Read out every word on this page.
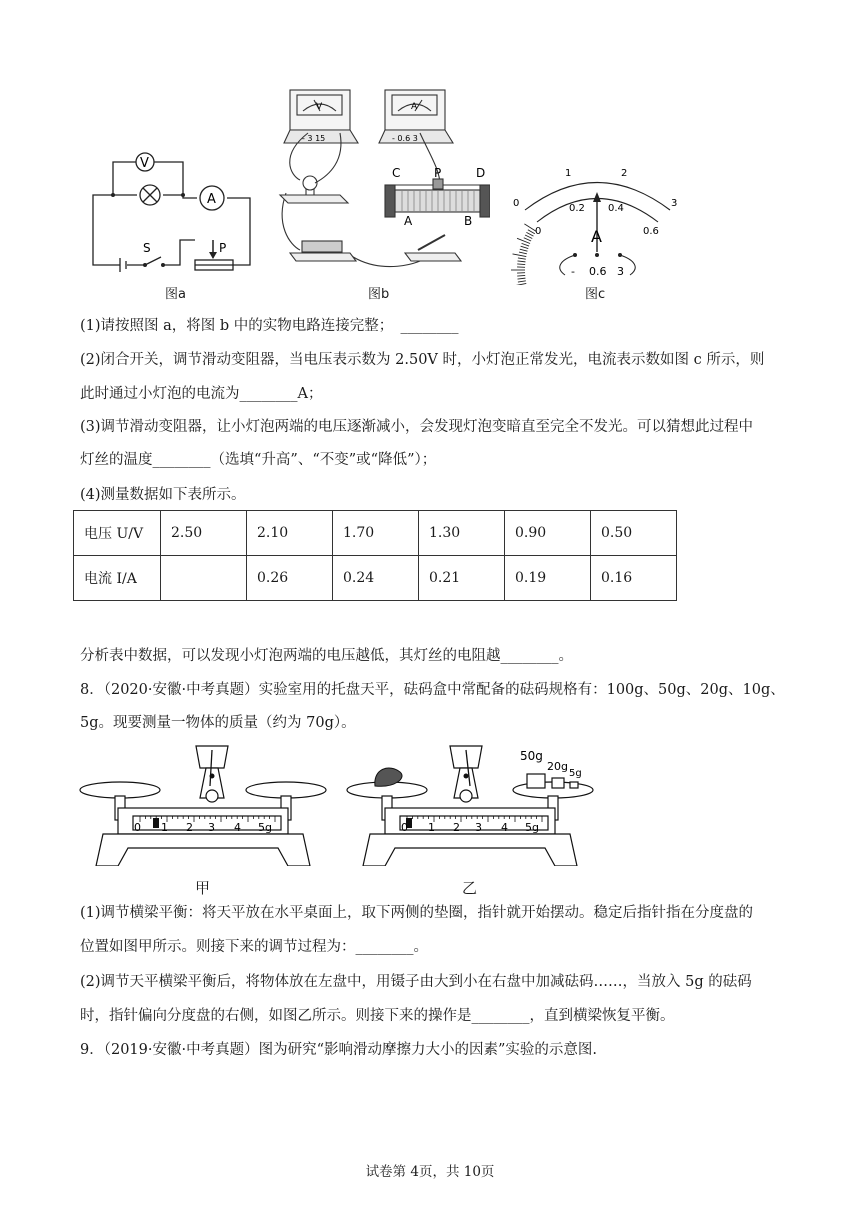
V
A
S	P
图a
V	A
- 3 15	- 0.6 3
C	P	D
A	B
图b
0
1	2
3
0
0.2 0.4
0.6
A
- 0.6 3
图c
(1)请按照图 a，将图 b 中的实物电路连接完整；　________
(2)闭合开关，调节滑动变阻器，当电压表示数为 2.50V 时，小灯泡正常发光，电流表示数如图 c 所示，则
此时通过小灯泡的电流为________A；
(3)调节滑动变阻器，让小灯泡两端的电压逐渐减小，会发现灯泡变暗直至完全不发光。可以猜想此过程中
灯丝的温度________（选填“升高”、“不变”或“降低”）；
(4)测量数据如下表所示。
电压 U/V	2.50	2.10	1.70	1.30	0.90	0.50
电流 I/A		0.26	0.24	0.21	0.19	0.16
分析表中数据，可以发现小灯泡两端的电压越低，其灯丝的电阻越________。
8．（2020·安徽·中考真题）实验室用的托盘天平，砝码盒中常配备的砝码规格有：100g、50g、20g、10g、
5g。现要测量一物体的质量（约为 70g）。
0 1 2 3 4 5g
甲
0 1 2 3 4 5g
50g
20g
5g
乙
(1)调节横梁平衡：将天平放在水平桌面上，取下两侧的垫圈，指针就开始摆动。稳定后指针指在分度盘的
位置如图甲所示。则接下来的调节过程为：________。
(2)调节天平横梁平衡后，将物体放在左盘中，用镊子由大到小在右盘中加减砝码……，当放入 5g 的砝码
时，指针偏向分度盘的右侧，如图乙所示。则接下来的操作是________，直到横梁恢复平衡。
9．（2019·安徽·中考真题）图为研究“影响滑动摩擦力大小的因素”实验的示意图.
试卷第 4页，共 10页
